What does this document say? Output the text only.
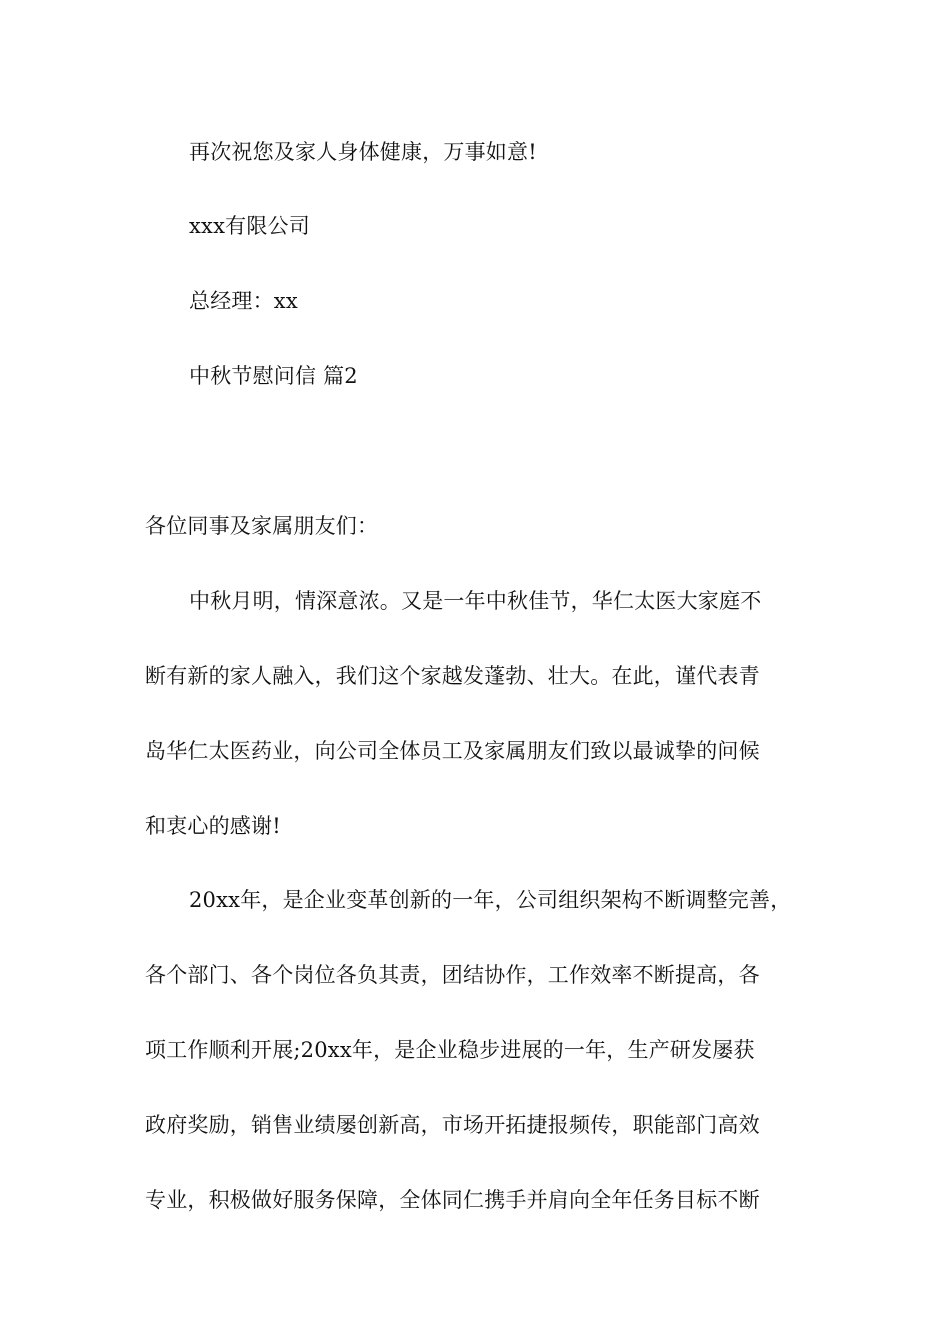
再次祝您及家人身体健康，万事如意!
xxx有限公司
总经理：xx
中秋节慰问信 篇2
各位同事及家属朋友们：
中秋月明，情深意浓。又是一年中秋佳节，华仁太医大家庭不
断有新的家人融入，我们这个家越发蓬勃、壮大。在此，谨代表青
岛华仁太医药业，向公司全体员工及家属朋友们致以最诚挚的问候
和衷心的感谢!
20xx年，是企业变革创新的一年，公司组织架构不断调整完善，
各个部门、各个岗位各负其责，团结协作，工作效率不断提高，各
项工作顺利开展;20xx年，是企业稳步进展的一年，生产研发屡获
政府奖励，销售业绩屡创新高，市场开拓捷报频传，职能部门高效
专业，积极做好服务保障，全体同仁携手并肩向全年任务目标不断
